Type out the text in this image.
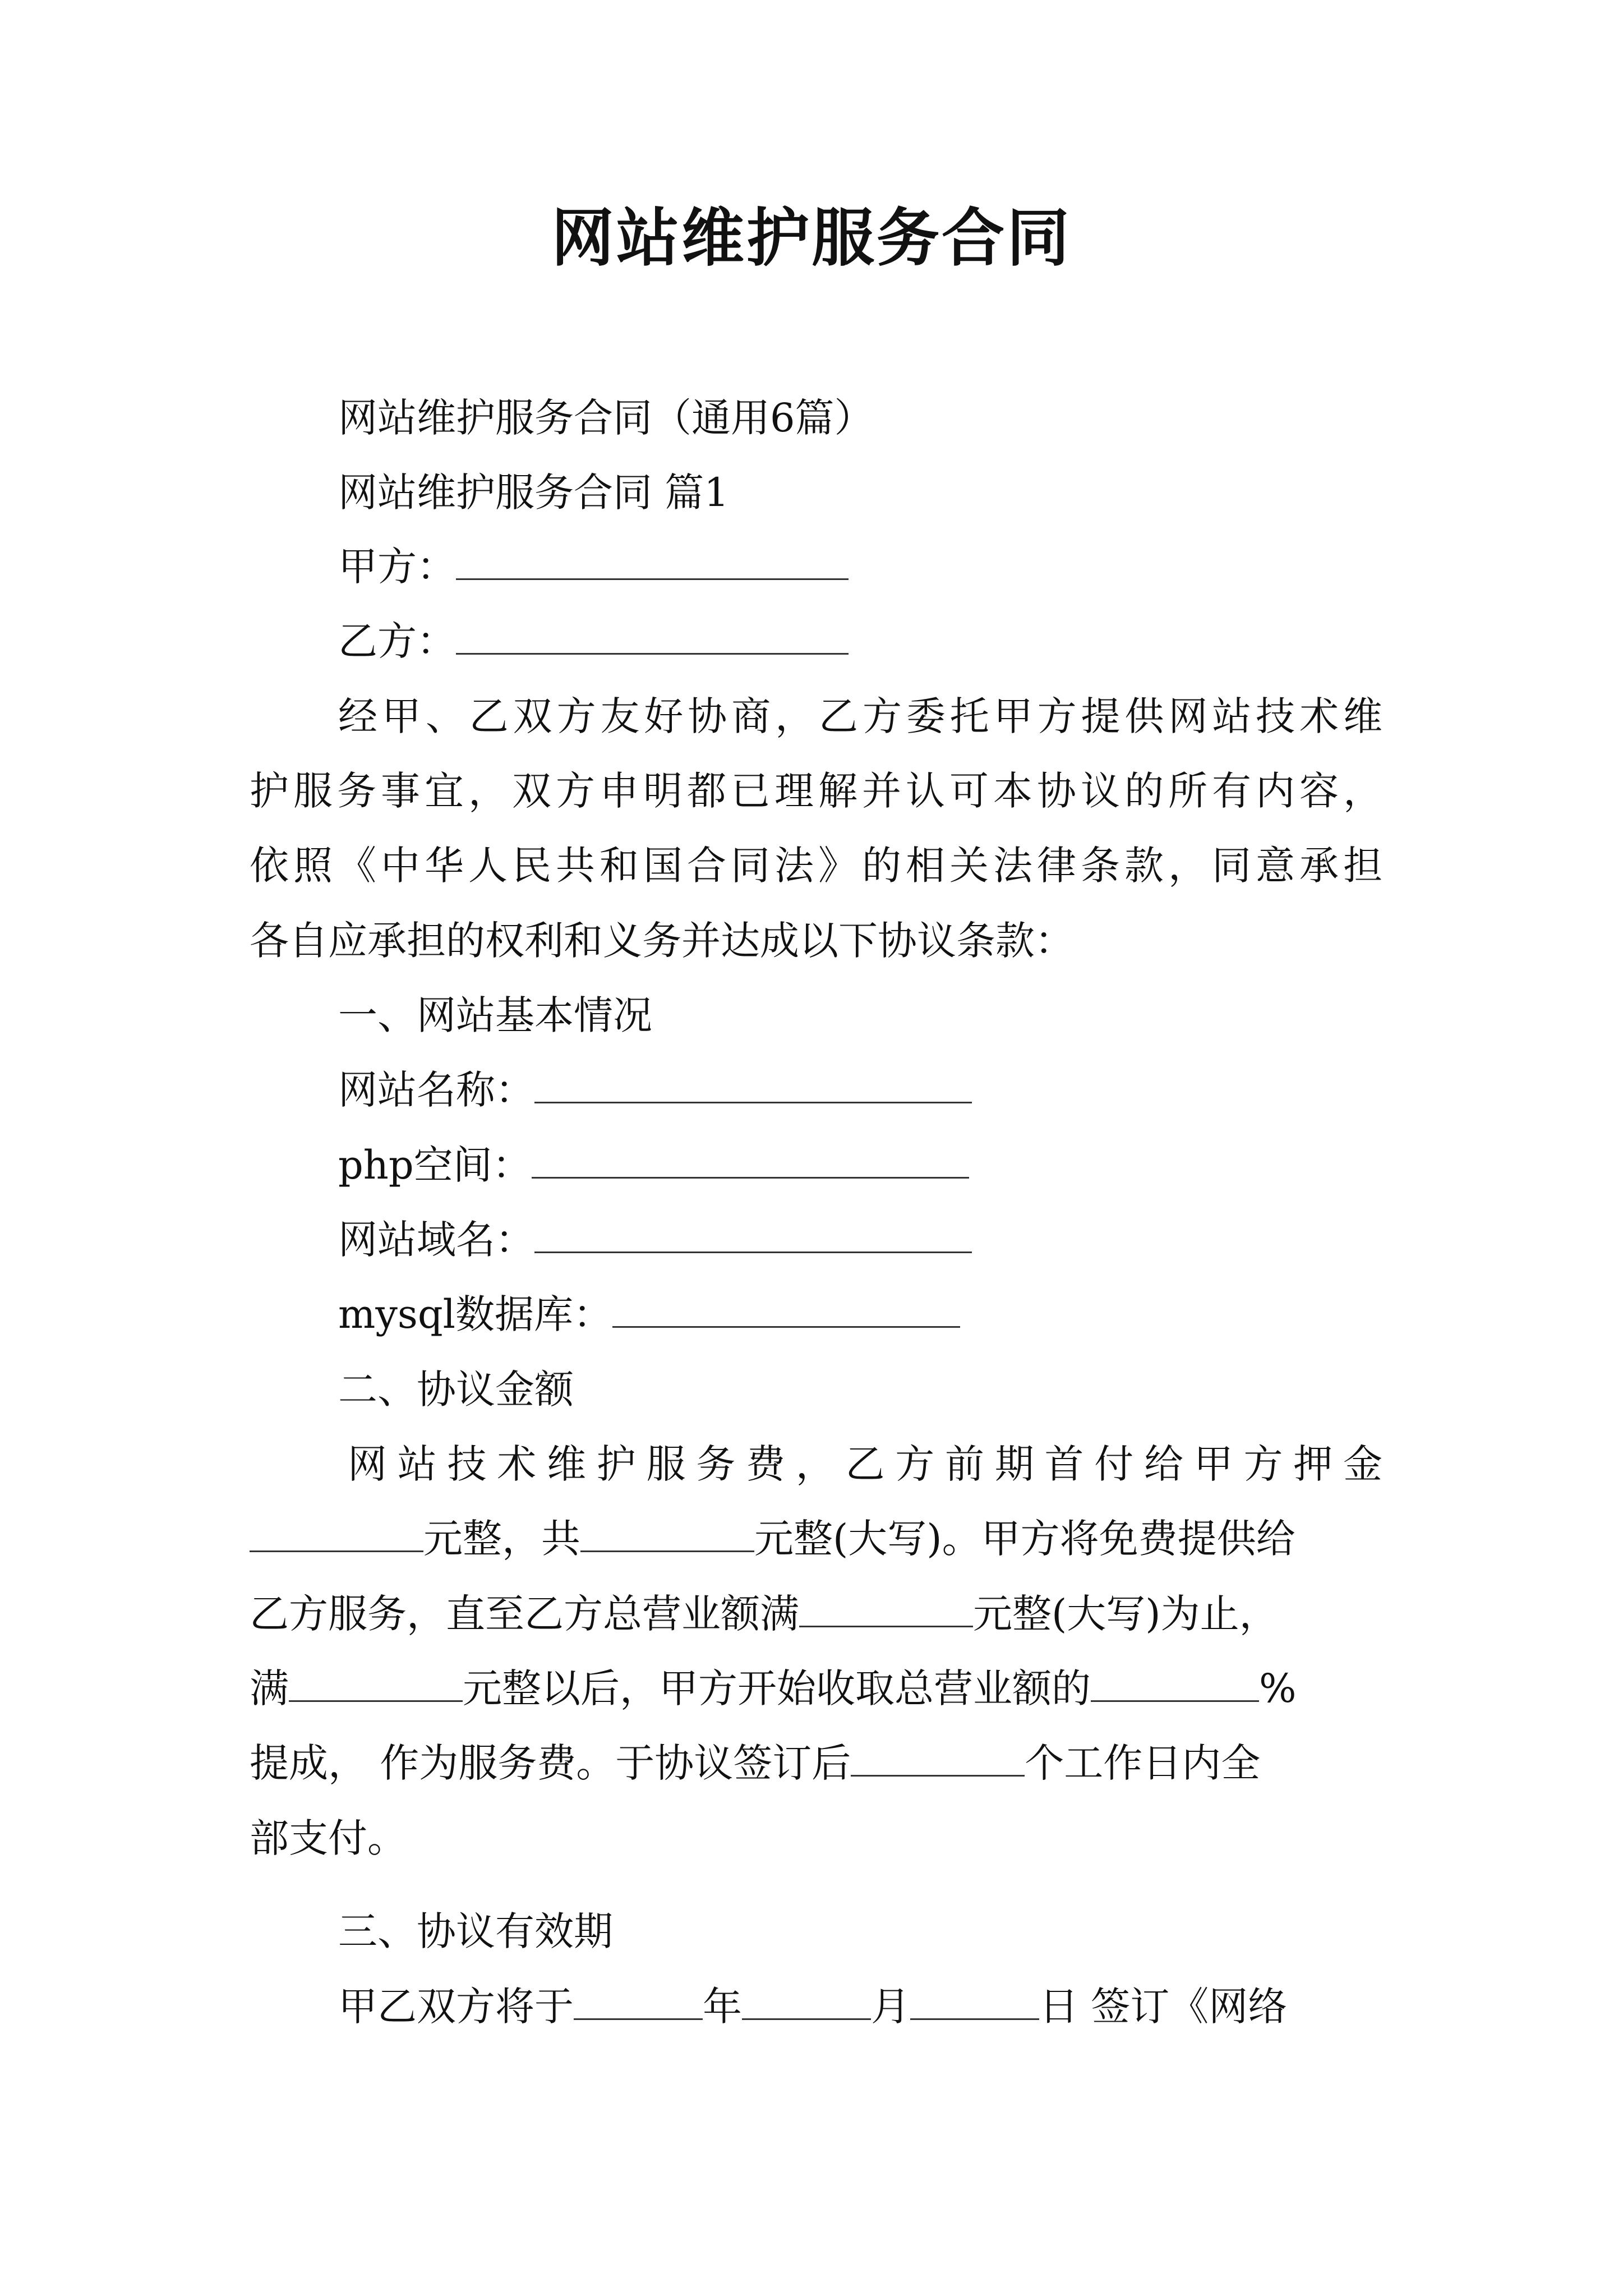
网站维护服务合同
网站维护服务合同（通用6篇）
网站维护服务合同 篇1
甲方：
乙方：
经甲、乙双方友好协商，乙方委托甲方提供网站技术维
护服务事宜，双方申明都已理解并认可本协议的所有内容，
依照《中华人民共和国合同法》的相关法律条款，同意承担
各自应承担的权利和义务并达成以下协议条款：
一、网站基本情况
网站名称：
php空间：
网站域名：
mysql数据库：
二、协议金额
网站技术维护服务费，乙方前期首付给甲方押金
元整，共	元整(大写)。甲方将免费提供给
乙方服务，直至乙方总营业额满	元整(大写)为止，
满	元整以后，甲方开始收取总营业额的	%
提成， 作为服务费。于协议签订后	个工作日内全
部支付。
三、协议有效期
甲乙双方将于	年	月	日 签订《网络
